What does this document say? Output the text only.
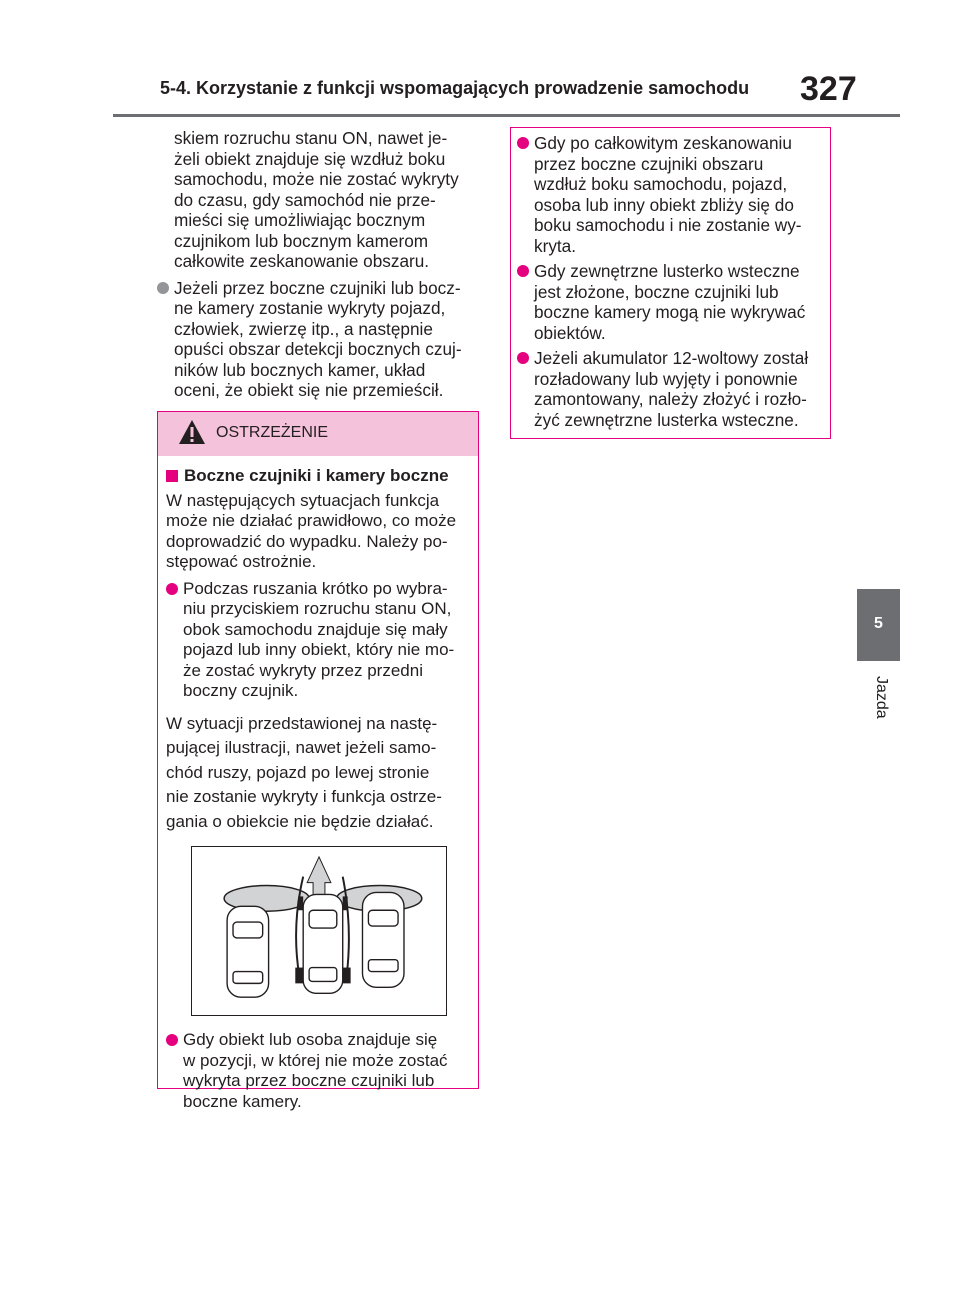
5-4. Korzystanie z funkcji wspomagających prowadzenie samochodu	327
5
Jazda
skiem rozruchu stanu ON, nawet je-
żeli obiekt znajduje się wzdłuż boku
samochodu, może nie zostać wykryty
do czasu, gdy samochód nie prze-
mieści się umożliwiając bocznym
czujnikom lub bocznym kamerom
całkowite zeskanowanie obszaru.
Jeżeli przez boczne czujniki lub bocz-
ne kamery zostanie wykryty pojazd,
człowiek, zwierzę itp., a następnie
opuści obszar detekcji bocznych czuj-
ników lub bocznych kamer, układ
oceni, że obiekt się nie przemieścił.
OSTRZEŻENIE
Boczne czujniki i kamery boczne
W następujących sytuacjach funkcja
może nie działać prawidłowo, co może
doprowadzić do wypadku. Należy po-
stępować ostrożnie.
Podczas ruszania krótko po wybra-
niu przyciskiem rozruchu stanu ON,
obok samochodu znajduje się mały
pojazd lub inny obiekt, który nie mo-
że zostać wykryty przez przedni
boczny czujnik.
W sytuacji przedstawionej na nastę-
pującej ilustracji, nawet jeżeli samo-
chód ruszy, pojazd po lewej stronie
nie zostanie wykryty i funkcja ostrze-
gania o obiekcie nie będzie działać.
Gdy obiekt lub osoba znajduje się
w pozycji, w której nie może zostać
wykryta przez boczne czujniki lub
boczne kamery.
Gdy po całkowitym zeskanowaniu
przez boczne czujniki obszaru
wzdłuż boku samochodu, pojazd,
osoba lub inny obiekt zbliży się do
boku samochodu i nie zostanie wy-
kryta.
Gdy zewnętrzne lusterko wsteczne
jest złożone, boczne czujniki lub
boczne kamery mogą nie wykrywać
obiektów.
Jeżeli akumulator 12-woltowy został
rozładowany lub wyjęty i ponownie
zamontowany, należy złożyć i rozło-
żyć zewnętrzne lusterka wsteczne.
